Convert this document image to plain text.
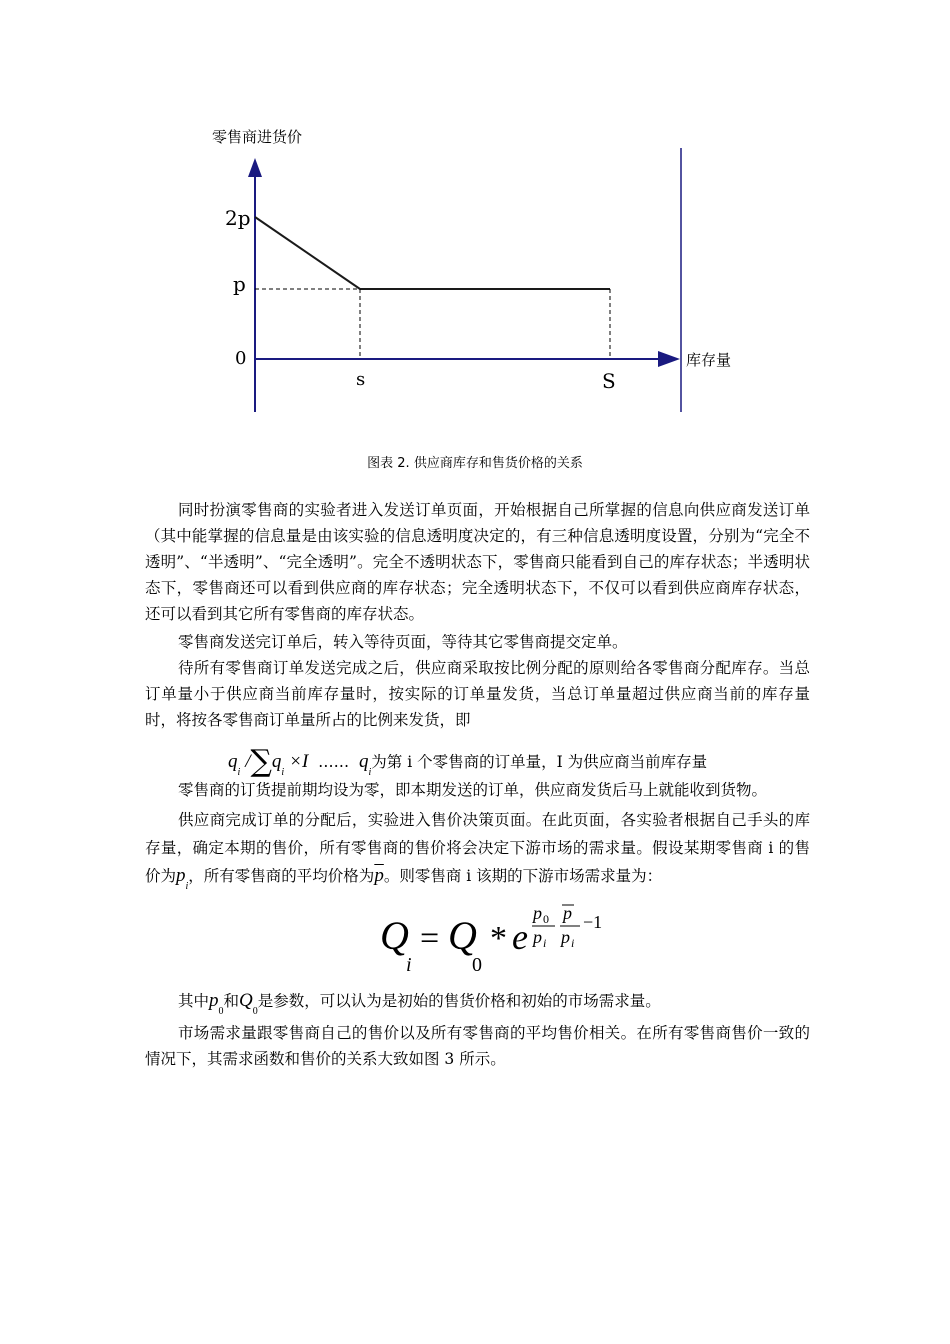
零售商进货价
库存量
2p
p
0
s	S
图表 2. 供应商库存和售货价格的关系

同时扮演零售商的实验者进入发送订单页面，开始根据自己所掌握的信息向供应商发送订单（其中能掌握的信息量是由该实验的信息透明度决定的，有三种信息透明度设置，分别为“完全不透明”、“半透明”、“完全透明”。完全不透明状态下，零售商只能看到自己的库存状态；半透明状态下，零售商还可以看到供应商的库存状态；完全透明状态下，不仅可以看到供应商库存状态，还可以看到其它所有零售商的库存状态。

零售商发送完订单后，转入等待页面，等待其它零售商提交定单。

待所有零售商订单发送完成之后，供应商采取按比例分配的原则给各零售商分配库存。当总订单量小于供应商当前库存量时，按实际的订单量发货，当总订单量超过供应商当前的库存量时，将按各零售商订单量所占的比例来发货，即

$q_i$ $/\sum q_i \times I$ …… $q_i$为第 i 个零售商的订单量，I 为供应商当前库存量

零售商的订货提前期均设为零，即本期发送的订单，供应商发货后马上就能收到货物。

供应商完成订单的分配后，实验进入售价决策页面。在此页面，各实验者根据自己手头的库存量，确定本期的售价，所有零售商的售价将会决定下游市场的需求量。假设某期零售商 i 的售价为$p_i$，所有零售商的平均价格为$\overline{p}$。则零售商 i 该期的下游市场需求量为：

Q
i
= Q
0
* e
p 0
p i
p
p i
−1

其中$p_0$和$Q_0$是参数，可以认为是初始的售货价格和初始的市场需求量。

市场需求量跟零售商自己的售价以及所有零售商的平均售价相关。在所有零售商售价一致的情况下，其需求函数和售价的关系大致如图 3 所示。
